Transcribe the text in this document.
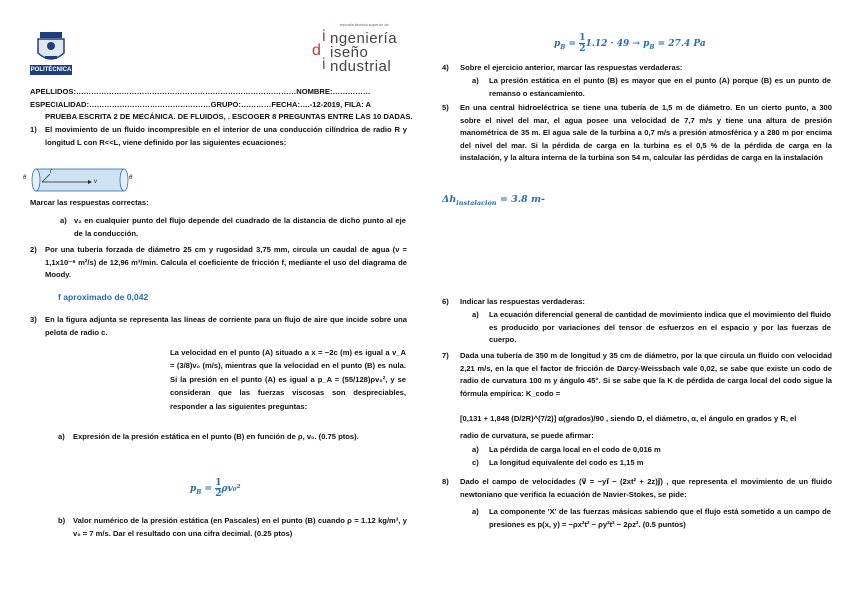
POLITÉCNICA
APELLIDOS:……………………………………………………………………………NOMBRE:……………
ESPECIALIDAD:…………………………………………GRUPO:…………FECHA:….-12-2019, FILA: A
PRUEBA ESCRITA 2 DE MECÁNICA. DE FLUIDOS, . ESCOGER 8 PREGUNTAS ENTRE LAS 10 DADAS.
1) El movimiento de un fluido incompresible en el interior de una conducción cilíndrica de radio R y longitud L con R<<L, viene definido por las siguientes ecuaciones:
v
r
θ	θ
Marcar las respuestas correctas:
a) v₂ en cualquier punto del flujo depende del cuadrado de la distancia de dicho punto al eje de la conducción.
2) Por una tubería forzada de diámetro 25 cm y rugosidad 3,75 mm, circula un caudal de agua (ν = 1,1x10⁻⁶ m²/s) de 12,96 m³/min. Calcula el coeficiente de fricción f, mediante el uso del diagrama de Moody.
f aproximado de 0,042
3) En la figura adjunta se representa las líneas de corriente para un flujo de aire que incide sobre una pelota de radio c.
La velocidad en el punto (A) situado a x = −2c (m) es igual a v_A = (3/8)v₀ (m/s), mientras que la velocidad en el punto (B) es nula. Si la presión en el punto (A) es igual a p_A = (55/128)ρv₀², y se consideran que las fuerzas viscosas son despreciables, responder a las siguientes preguntas:
a) Expresión de la presión estática en el punto (B) en función de ρ, v₀. (0.75 ptos).
$p_B = \frac{1}{2} \rho v_0^2$
b) Valor numérico de la presión estática (en Pascales) en el punto (B) cuando ρ = 1.12 kg/m³, y v₀ = 7 m/s. Dar el resultado con una cifra decimal. (0.25 ptos)
escuela técnica superior de
i
d
i
ngeniería
iseño
ndustrial
$p_B = \frac{1}{2} 1.12 \cdot 49 \to p_B = 27.4$ Pa
4) Sobre el ejercicio anterior, marcar las respuestas verdaderas:
a) La presión estática en el punto (B) es mayor que en el punto (A) porque (B) es un punto de remanso o estancamiento.
5) En una central hidroeléctrica se tiene una tubería de 1,5 m de diámetro. En un cierto punto, a 300 sobre el nivel del mar, el agua posee una velocidad de 7,7 m/s y tiene una altura de presión manométrica de 35 m. El agua sale de la turbina a 0,7 m/s a presión atmosférica y a 280 m por encima del nivel del mar. Si la pérdida de carga en la turbina es el 0,5 % de la pérdida de carga en la instalación, y la altura interna de la turbina son 54 m, calcular las pérdidas de carga en la instalación
$\Delta h_{instalación} = 3.8$ m-
6) Indicar las respuestas verdaderas:
a) La ecuación diferencial general de cantidad de movimiento indica que el movimiento del fluido es producido por variaciones del tensor de esfuerzos en el espacio y por las fuerzas de cuerpo.
7) Dada una tubería de 350 m de longitud y 35 cm de diámetro, por la que circula un fluido con velocidad 2,21 m/s, en la que el factor de fricción de Darcy-Weissbach vale 0,02, se sabe que existe un codo de radio de curvatura 100 m y ángulo 45°. Si se sabe que la K de pérdida de carga local del codo sigue la fórmula empírica: K_codo =
[0,131 + 1,848 (D/2R)^(7/2)] α(grados)/90 , siendo D, el diámetro, α, el ángulo en grados y R, el
radio de curvatura, se puede afirmar:
a) La pérdida de carga local en el codo de 0,016 m
c) La longitud equivalente del codo es 1,15 m
8) Dado el campo de velocidades (v⃗ = −yi⃗ − (2xt² + 2z)j⃗) , que representa el movimiento de un fluido newtoniano que verifica la ecuación de Navier-Stokes, se pide:
a) La componente 'X' de las fuerzas másicas sabiendo que el flujo está sometido a un campo de presiones es p(x, y) = −ρx²t² − ρy²t² − 2ρz². (0.5 puntos)
